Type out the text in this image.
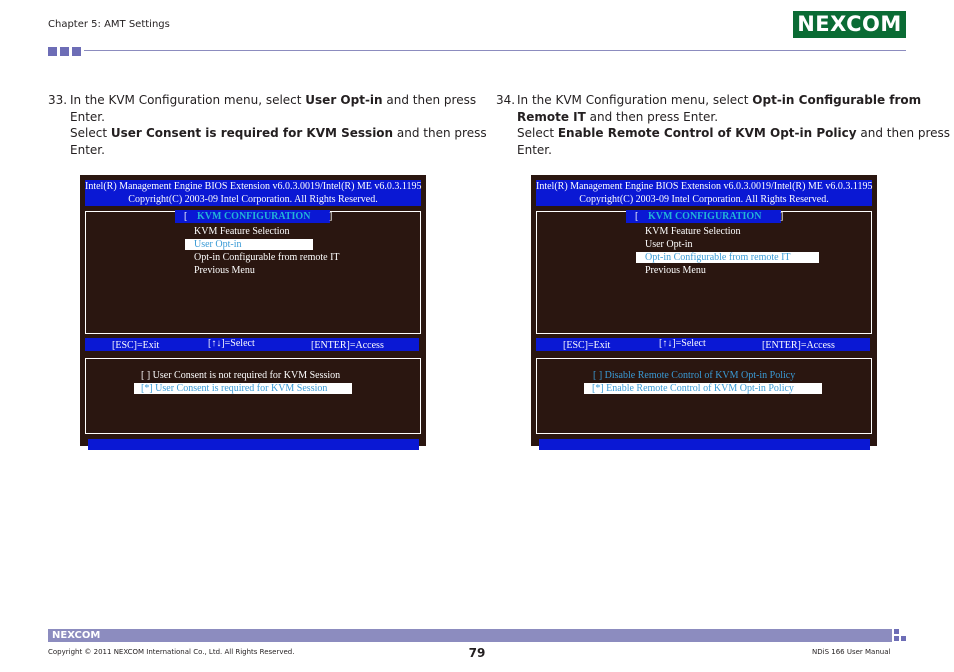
Chapter 5: AMT Settings	NEXCOM
33. In the KVM Configuration menu, select User Opt-in and then press
Enter.
Select User Consent is required for KVM Session and then press
Enter.
34. In the KVM Configuration menu, select Opt-in Configurable from
Remote IT and then press Enter.
Select Enable Remote Control of KVM Opt-in Policy and then press
Enter.
Intel(R) Management Engine BIOS Extension v6.0.3.0019/Intel(R) ME v6.0.3.1195
Copyright(C) 2003-09 Intel Corporation. All Rights Reserved.
[ KVM CONFIGURATION ]
KVM Feature Selection
User Opt-in
Opt-in Configurable from remote IT
Previous Menu
[ESC]=Exit	[↑↓]=Select	[ENTER]=Access
[ ] User Consent is not required for KVM Session
[*] User Consent is required for KVM Session
Intel(R) Management Engine BIOS Extension v6.0.3.0019/Intel(R) ME v6.0.3.1195
Copyright(C) 2003-09 Intel Corporation. All Rights Reserved.
[ KVM CONFIGURATION ]
KVM Feature Selection
User Opt-in
Opt-in Configurable from remote IT
Previous Menu
[ESC]=Exit	[↑↓]=Select	[ENTER]=Access
[ ] Disable Remote Control of KVM Opt-in Policy
[*] Enable Remote Control of KVM Opt-in Policy
NEXCOM
Copyright © 2011 NEXCOM International Co., Ltd. All Rights Reserved.	79	NDiS 166 User Manual
